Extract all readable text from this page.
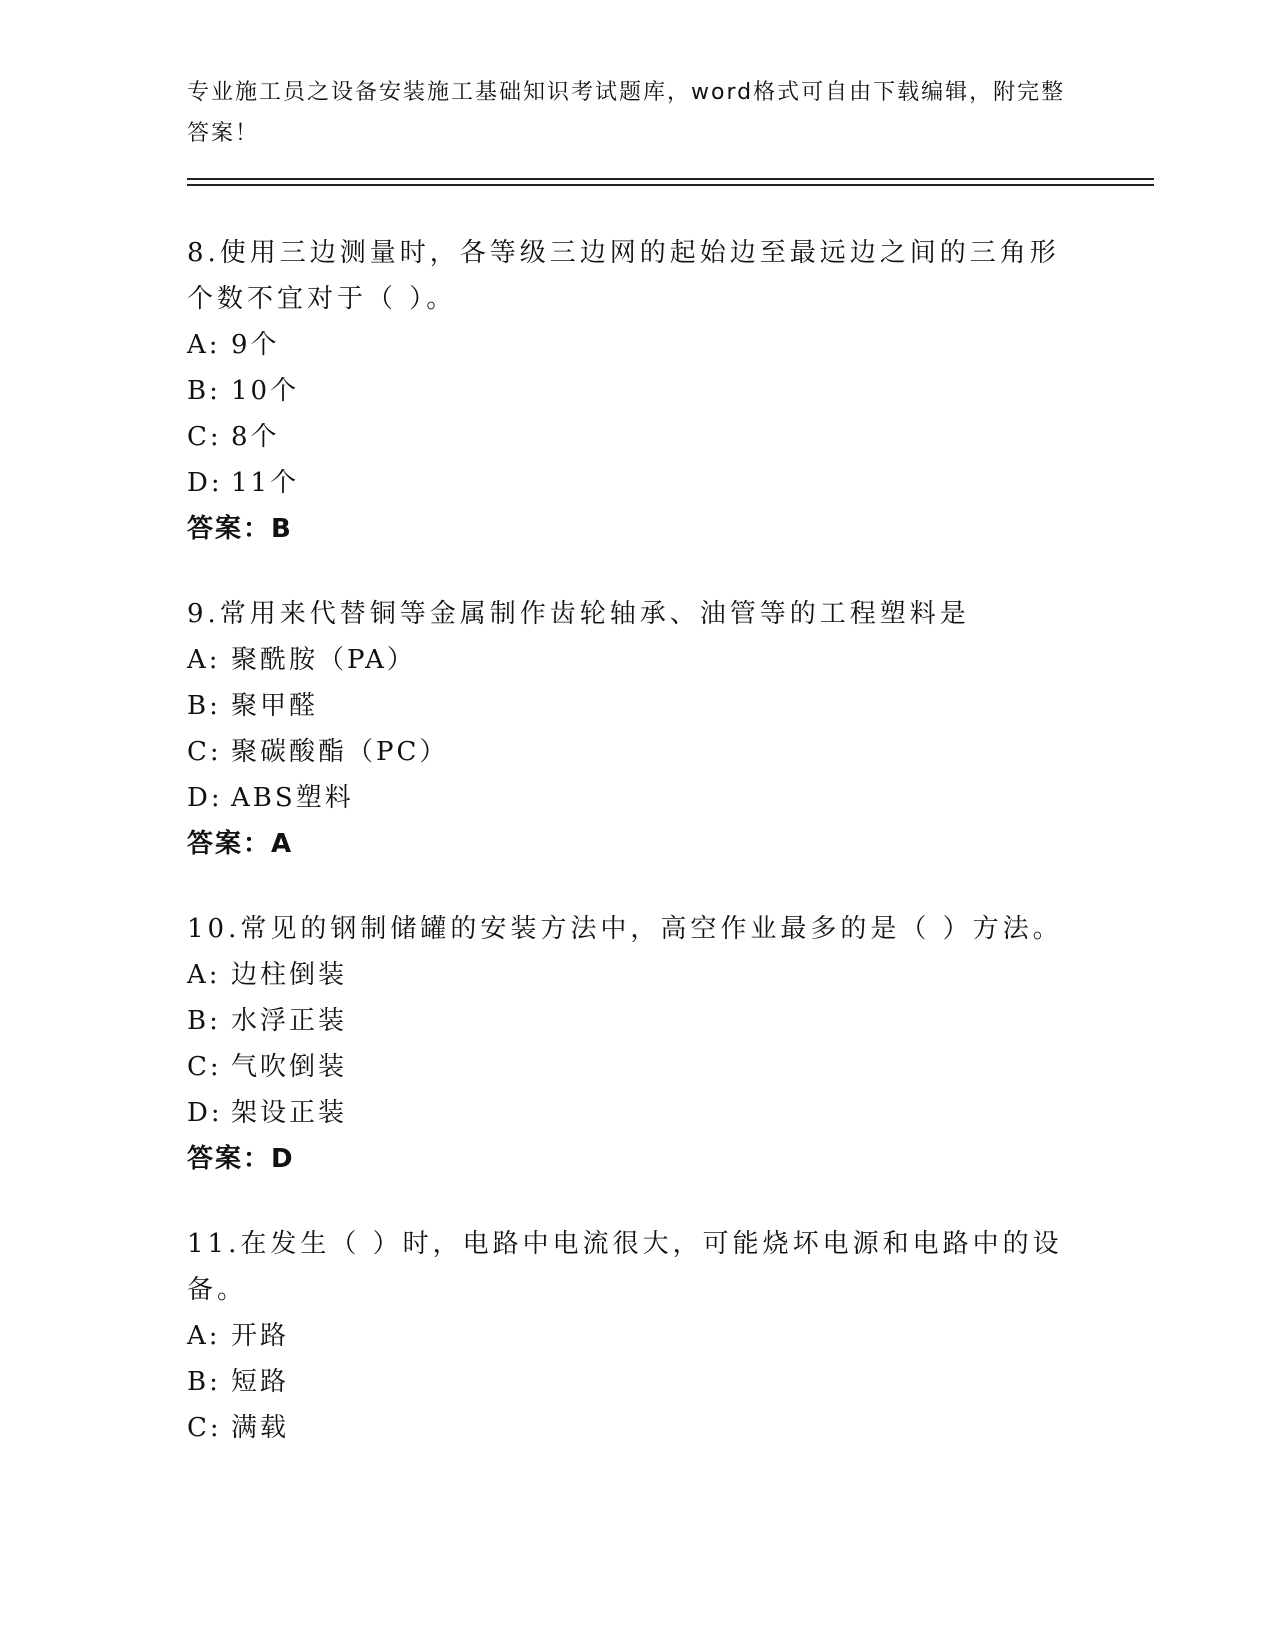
专业施工员之设备安装施工基础知识考试题库，word格式可自由下载编辑，附完整答案！

8.使用三边测量时，各等级三边网的起始边至最远边之间的三角形个数不宜对于（ ）。

A: 9个

B: 10个

C: 8个

D: 11个

答案：B

9.常用来代替铜等金属制作齿轮轴承、油管等的工程塑料是

A: 聚酰胺（PA）

B: 聚甲醛

C: 聚碳酸酯（PC）

D: ABS塑料

答案：A

10.常见的钢制储罐的安装方法中，高空作业最多的是（ ）方法。

A: 边柱倒装

B: 水浮正装

C: 气吹倒装

D: 架设正装

答案：D

11.在发生（ ）时，电路中电流很大，可能烧坏电源和电路中的设备。

A: 开路

B: 短路

C: 满载
